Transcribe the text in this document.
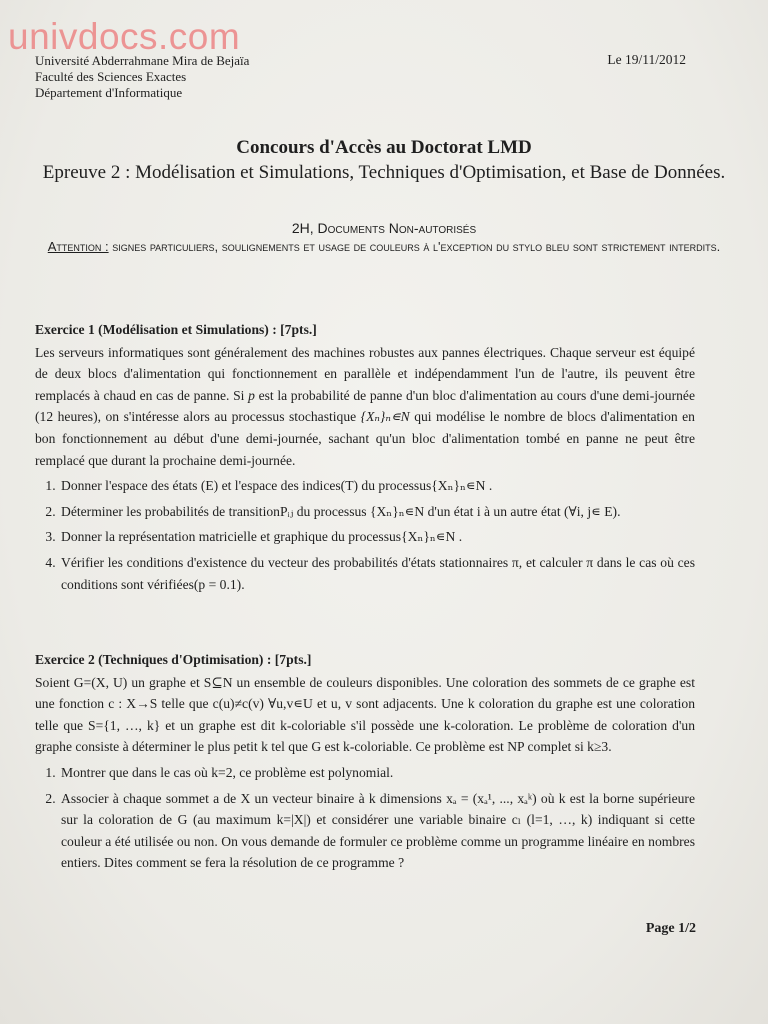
univdocs.com
Université Abderrahmane Mira de Bejaïa
Faculté des Sciences Exactes
Département d'Informatique
Le 19/11/2012
Concours d'Accès au Doctorat LMD
Epreuve 2 : Modélisation et Simulations, Techniques d'Optimisation, et Base de Données.
2H, Documents Non-autorisés
Attention : signes particuliers, soulignements et usage de couleurs à l'exception du stylo bleu sont strictement interdits.

Exercice 1 (Modélisation et Simulations) : [7pts.]

Les serveurs informatiques sont généralement des machines robustes aux pannes électriques. Chaque serveur est équipé de deux blocs d'alimentation qui fonctionnement en parallèle et indépendamment l'un de l'autre, ils peuvent être remplacés à chaud en cas de panne. Si p est la probabilité de panne d'un bloc d'alimentation au cours d'une demi-journée (12 heures), on s'intéresse alors au processus stochastique {Xₙ}ₙ∊N qui modélise le nombre de blocs d'alimentation en bon fonctionnement au début d'une demi-journée, sachant qu'un bloc d'alimentation tombé en panne ne peut être remplacé que durant la prochaine demi-journée.

1. Donner l'espace des états (E) et l'espace des indices(T) du processus{Xₙ}ₙ∊N .
2. Déterminer les probabilités de transitionPᵢⱼ du processus {Xₙ}ₙ∊N d'un état i à un autre état (∀i, j∊ E).
3. Donner la représentation matricielle et graphique du processus{Xₙ}ₙ∊N .
4. Vérifier les conditions d'existence du vecteur des probabilités d'états stationnaires π, et calculer π dans le cas où ces conditions sont vérifiées(p = 0.1).

Exercice 2 (Techniques d'Optimisation) : [7pts.]

Soient G=(X, U) un graphe et S⊆N un ensemble de couleurs disponibles. Une coloration des sommets de ce graphe est une fonction c : X→S telle que c(u)≠c(v) ∀u,v∊U et u, v sont adjacents. Une k coloration du graphe est une coloration telle que S={1, …, k} et un graphe est dit k-coloriable s'il possède une k-coloration. Le problème de coloration d'un graphe consiste à déterminer le plus petit k tel que G est k-coloriable. Ce problème est NP complet si k≥3.

1. Montrer que dans le cas où k=2, ce problème est polynomial.
2. Associer à chaque sommet a de X un vecteur binaire à k dimensions xₐ = (xₐ¹, ..., xₐᵏ) où k est la borne supérieure sur la coloration de G (au maximum k=|X|) et considérer une variable binaire cₗ (l=1, …, k) indiquant si cette couleur a été utilisée ou non. On vous demande de formuler ce problème comme un programme linéaire en nombres entiers. Dites comment se fera la résolution de ce programme ?
Page 1/2
